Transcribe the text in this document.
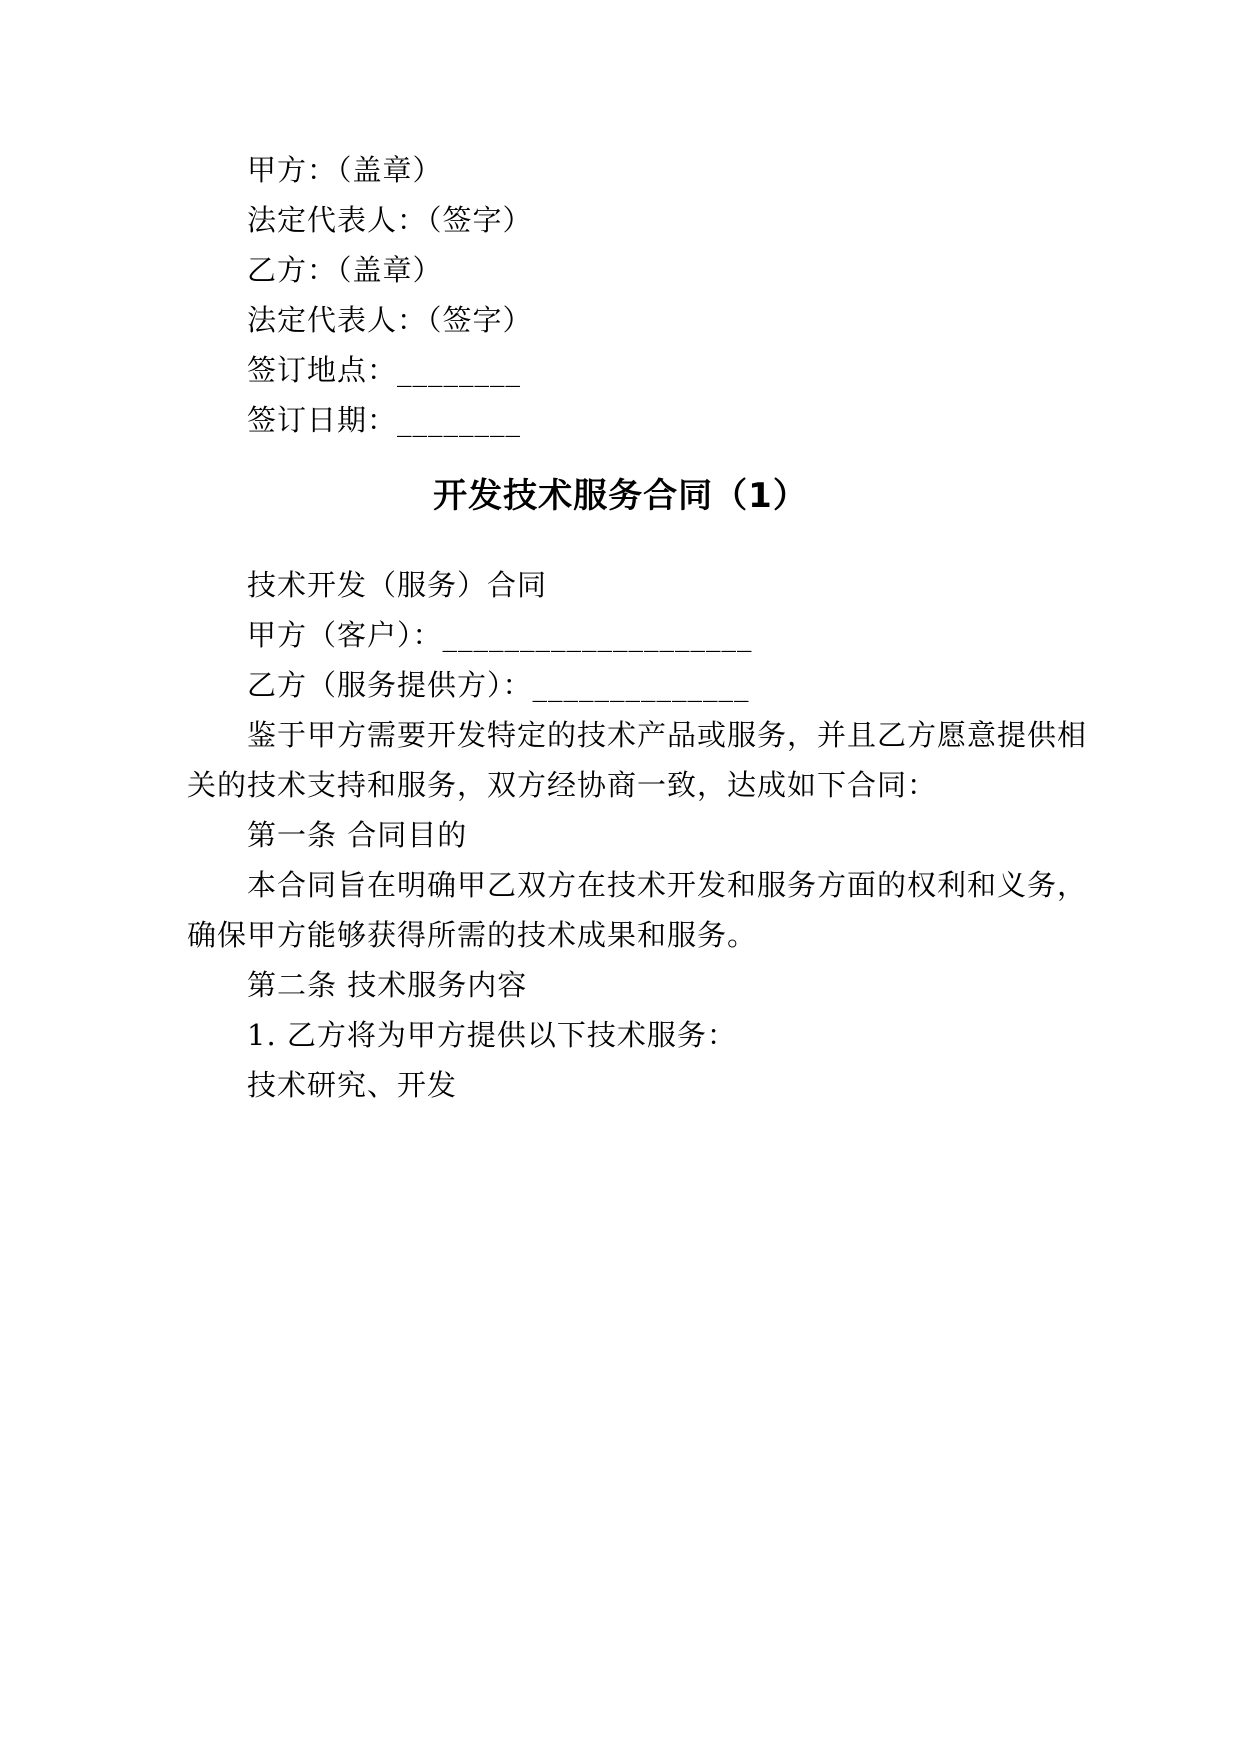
甲方：（盖章）
法定代表人：（签字）
乙方：（盖章）
法定代表人：（签字）
签订地点：________
签订日期：________
开发技术服务合同（1）
技术开发（服务）合同
甲方（客户）：____________________
乙方（服务提供方）：______________
鉴于甲方需要开发特定的技术产品或服务，并且乙方愿意提供相
关的技术支持和服务，双方经协商一致，达成如下合同：
第一条 合同目的
本合同旨在明确甲乙双方在技术开发和服务方面的权利和义务，
确保甲方能够获得所需的技术成果和服务。
第二条 技术服务内容
1. 乙方将为甲方提供以下技术服务：
技术研究、开发
